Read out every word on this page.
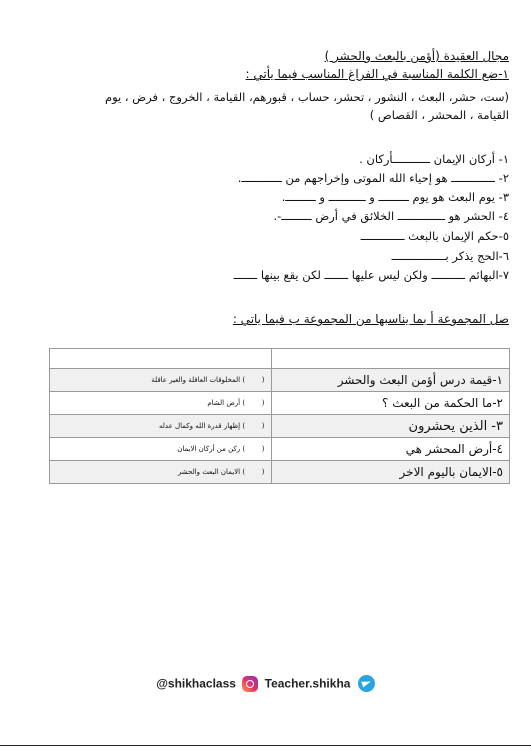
مجال العقيدة (أؤمن بالبعث والحشر )
١-ضع الكلمة المناسبة في الفراغ المناسب فيما يأتي :
(ست، حشر، البعث ، النشور ، تحشر، حساب ، قبورهم، القيامة ، الخروج ، فرض ، يوم
القيامة ، المحشر ، القصاص )
١- أركان الإيمان ـــــــــــأركان .
٢- ـــــــــــــ هو إحياء الله الموتى وإخراجهم من ــــــــــــ.
٣- يوم البعث هو يوم ـــــــــ و ـــــــــــ و ـــــــــ.
٤- الحشر هو ــــــــــــــ الخلائق في أرض ـــــــــ-.
٥-حكم الإيمان بالبعث ـــــــــــــ
٦-الحج يذكر بــــــــــــــــ
٧-البهائم ــــــــــ ولكن ليس عليها ـــــــ لكن يقع بينها ـــــــ
صل المجموعة أ بما يناسبها من المجموعة ب فيما ياتي :

١-قيمة درس أؤمن البعث والحشر	(   ) المخلوقات العاقلة والغير عاقلة
٢-ما الحكمة من البعث ؟	(   ) أرض الشام
٣- الذين يحشرون	(   ) إظهار قدرة الله وكمال عدله
٤-أرض المحشر هي	(   ) ركن من أركان الايمان
٥-الايمان باليوم الاخر	(   ) الايمان البعث والحشر
@shikhaclass Teacher.shikha
